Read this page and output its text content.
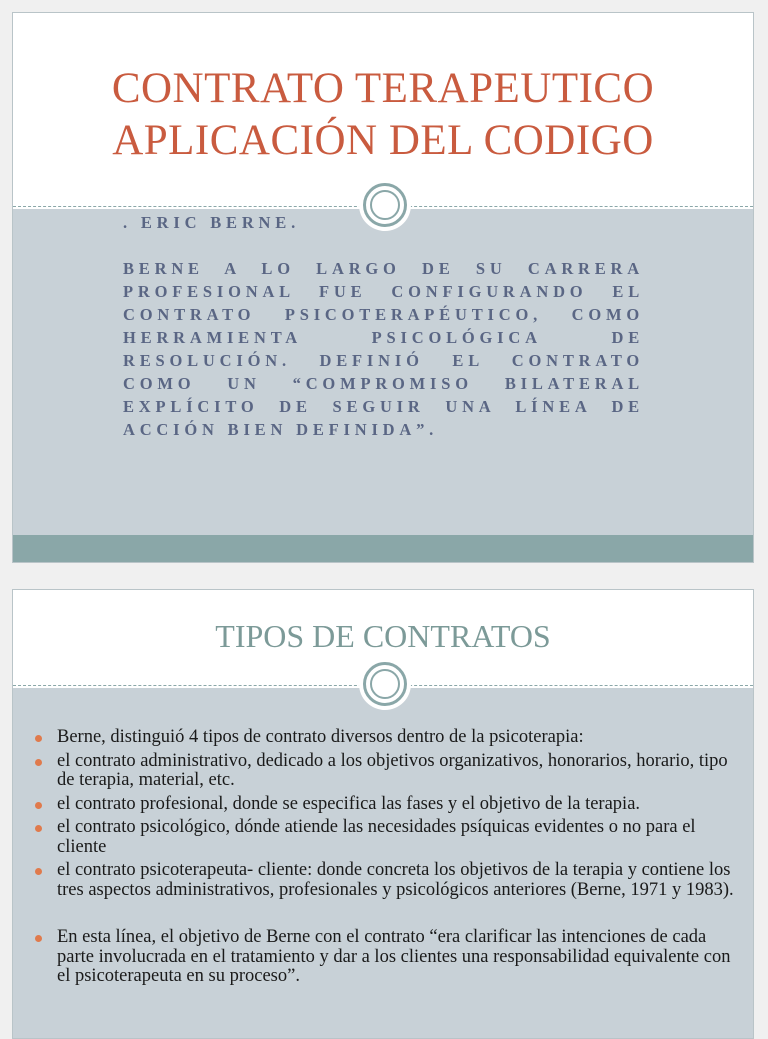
CONTRATO TERAPEUTICO
APLICACIÓN DEL CODIGO

. ERIC BERNE.

BERNE A LO LARGO DE SU CARRERA PROFESIONAL FUE CONFIGURANDO EL CONTRATO PSICOTERAPÉUTICO, COMO HERRAMIENTA PSICOLÓGICA DE RESOLUCIÓN. DEFINIÓ EL CONTRATO COMO UN “COMPROMISO BILATERAL EXPLÍCITO DE SEGUIR UNA LÍNEA DE
ACCIÓN BIEN DEFINIDA”.

TIPOS DE CONTRATOS
Berne, distinguió 4 tipos de contrato diversos dentro de la psicoterapia:
el contrato administrativo, dedicado a los objetivos organizativos, honorarios, horario, tipo de terapia, material, etc.
el contrato profesional, donde se especifica las fases y el objetivo de la terapia.
el contrato psicológico, dónde atiende las necesidades psíquicas evidentes o no para el cliente
el contrato psicoterapeuta- cliente: donde concreta los objetivos de la terapia y contiene los tres aspectos administrativos, profesionales y psicológicos anteriores (Berne, 1971 y 1983).
En esta línea, el objetivo de Berne con el contrato “era clarificar las intenciones de cada parte involucrada en el tratamiento y dar a los clientes una responsabilidad equivalente con el psicoterapeuta en su proceso”.
